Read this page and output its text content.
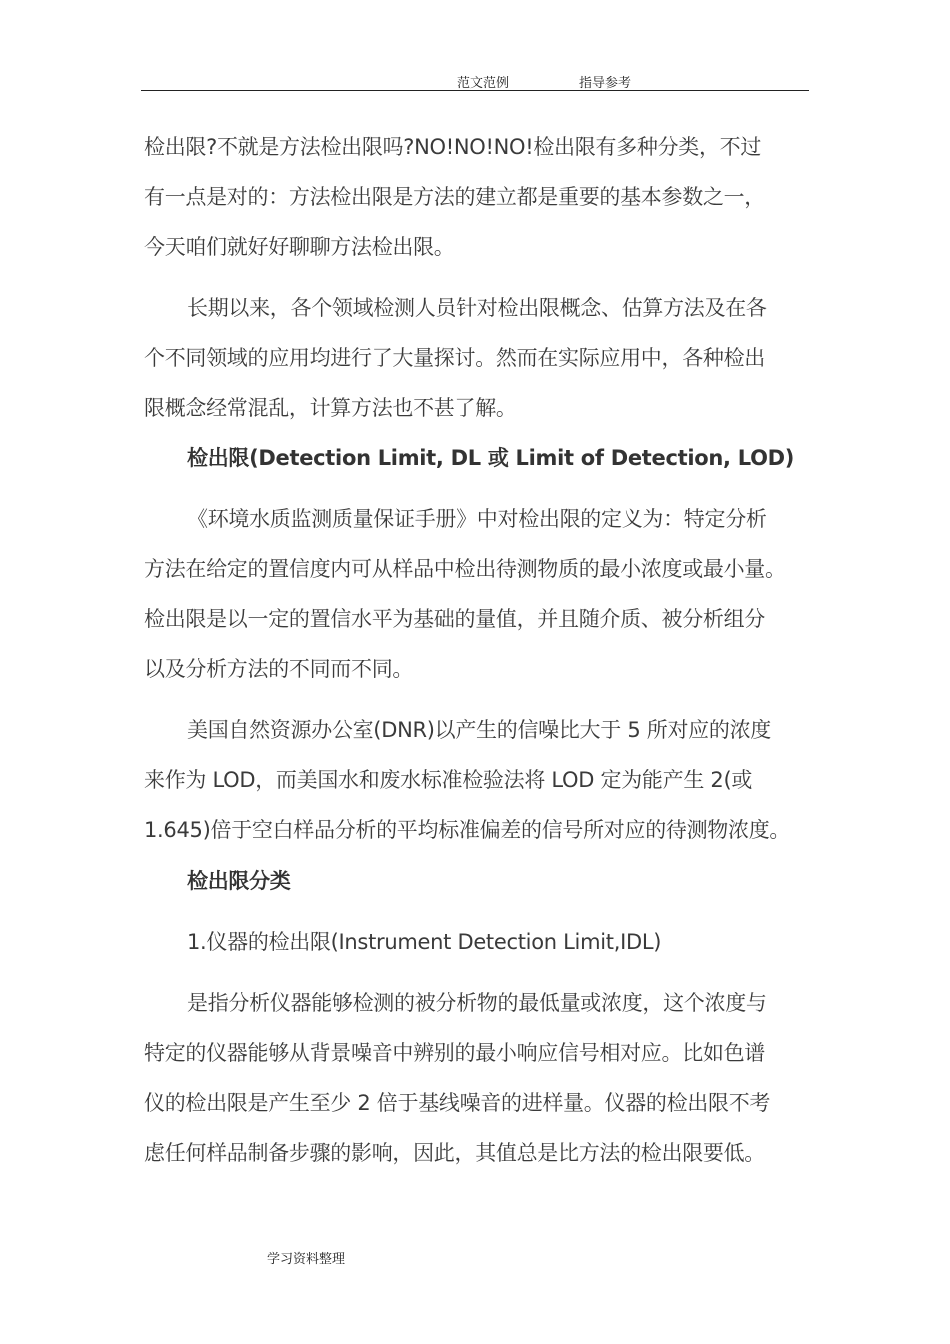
范文范例	指导参考
检出限?不就是方法检出限吗?NO!NO!NO!检出限有多种分类，不过
有一点是对的：方法检出限是方法的建立都是重要的基本参数之一，
今天咱们就好好聊聊方法检出限。
长期以来，各个领域检测人员针对检出限概念、估算方法及在各
个不同领域的应用均进行了大量探讨。然而在实际应用中，各种检出
限概念经常混乱，计算方法也不甚了解。
检出限(Detection Limit, DL 或 Limit of Detection, LOD)
《环境水质监测质量保证手册》中对检出限的定义为：特定分析
方法在给定的置信度内可从样品中检出待测物质的最小浓度或最小量。
检出限是以一定的置信水平为基础的量值，并且随介质、被分析组分
以及分析方法的不同而不同。
美国自然资源办公室(DNR)以产生的信噪比大于 5 所对应的浓度
来作为 LOD，而美国水和废水标准检验法将 LOD 定为能产生 2(或
1.645)倍于空白样品分析的平均标准偏差的信号所对应的待测物浓度。
检出限分类
1.仪器的检出限(Instrument Detection Limit,IDL)
是指分析仪器能够检测的被分析物的最低量或浓度，这个浓度与
特定的仪器能够从背景噪音中辨别的最小响应信号相对应。比如色谱
仪的检出限是产生至少 2 倍于基线噪音的进样量。仪器的检出限不考
虑任何样品制备步骤的影响，因此，其值总是比方法的检出限要低。
学习资料整理
